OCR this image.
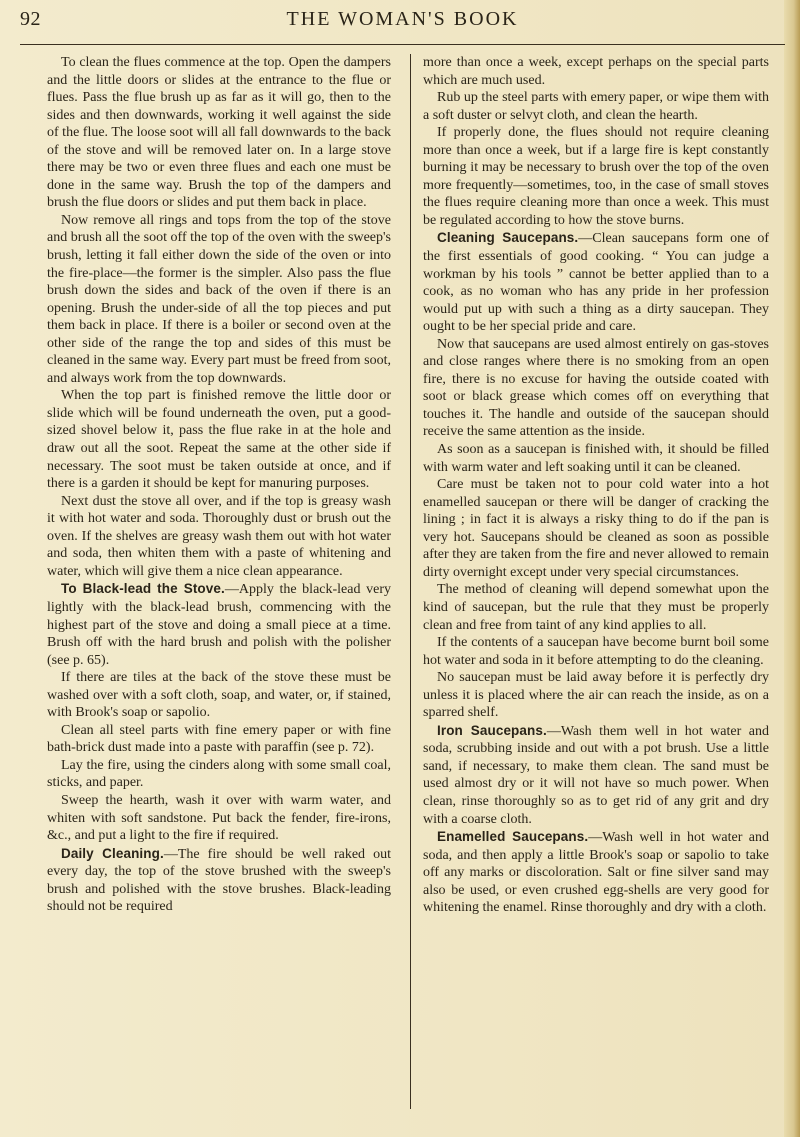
92	THE WOMAN'S BOOK

To clean the flues commence at the top. Open the dampers and the little doors or slides at the entrance to the flue or flues. Pass the flue brush up as far as it will go, then to the sides and then downwards, working it well against the side of the flue. The loose soot will all fall downwards to the back of the stove and will be removed later on. In a large stove there may be two or even three flues and each one must be done in the same way. Brush the top of the dampers and brush the flue doors or slides and put them back in place.

Now remove all rings and tops from the top of the stove and brush all the soot off the top of the oven with the sweep's brush, letting it fall either down the side of the oven or into the fire-place—the former is the simpler. Also pass the flue brush down the sides and back of the oven if there is an opening. Brush the under-side of all the top pieces and put them back in place. If there is a boiler or second oven at the other side of the range the top and sides of this must be cleaned in the same way. Every part must be freed from soot, and always work from the top downwards.

When the top part is finished remove the little door or slide which will be found underneath the oven, put a good-sized shovel below it, pass the flue rake in at the hole and draw out all the soot. Repeat the same at the other side if necessary. The soot must be taken outside at once, and if there is a garden it should be kept for manuring purposes.

Next dust the stove all over, and if the top is greasy wash it with hot water and soda. Thoroughly dust or brush out the oven. If the shelves are greasy wash them out with hot water and soda, then whiten them with a paste of whitening and water, which will give them a nice clean appearance.

To Black-lead the Stove.—Apply the black-lead very lightly with the black-lead brush, commencing with the highest part of the stove and doing a small piece at a time. Brush off with the hard brush and polish with the polisher (see p. 65).

If there are tiles at the back of the stove these must be washed over with a soft cloth, soap, and water, or, if stained, with Brook's soap or sapolio.

Clean all steel parts with fine emery paper or with fine bath-brick dust made into a paste with paraffin (see p. 72).

Lay the fire, using the cinders along with some small coal, sticks, and paper.

Sweep the hearth, wash it over with warm water, and whiten with soft sandstone. Put back the fender, fire-irons, &c., and put a light to the fire if required.

Daily Cleaning.—The fire should be well raked out every day, the top of the stove brushed with the sweep's brush and polished with the stove brushes. Black-leading should not be required

more than once a week, except perhaps on the special parts which are much used.

Rub up the steel parts with emery paper, or wipe them with a soft duster or selvyt cloth, and clean the hearth.

If properly done, the flues should not require cleaning more than once a week, but if a large fire is kept constantly burning it may be necessary to brush over the top of the oven more frequently—sometimes, too, in the case of small stoves the flues require cleaning more than once a week. This must be regulated according to how the stove burns.

Cleaning Saucepans.—Clean saucepans form one of the first essentials of good cooking. “ You can judge a workman by his tools ” cannot be better applied than to a cook, as no woman who has any pride in her profession would put up with such a thing as a dirty saucepan. They ought to be her special pride and care.

Now that saucepans are used almost entirely on gas-stoves and close ranges where there is no smoking from an open fire, there is no excuse for having the outside coated with soot or black grease which comes off on everything that touches it. The handle and outside of the saucepan should receive the same attention as the inside.

As soon as a saucepan is finished with, it should be filled with warm water and left soaking until it can be cleaned.

Care must be taken not to pour cold water into a hot enamelled saucepan or there will be danger of cracking the lining ; in fact it is always a risky thing to do if the pan is very hot. Saucepans should be cleaned as soon as possible after they are taken from the fire and never allowed to remain dirty overnight except under very special circumstances.

The method of cleaning will depend somewhat upon the kind of saucepan, but the rule that they must be properly clean and free from taint of any kind applies to all.

If the contents of a saucepan have become burnt boil some hot water and soda in it before attempting to do the cleaning.

No saucepan must be laid away before it is perfectly dry unless it is placed where the air can reach the inside, as on a sparred shelf.

Iron Saucepans.—Wash them well in hot water and soda, scrubbing inside and out with a pot brush. Use a little sand, if necessary, to make them clean. The sand must be used almost dry or it will not have so much power. When clean, rinse thoroughly so as to get rid of any grit and dry with a coarse cloth.

Enamelled Saucepans.—Wash well in hot water and soda, and then apply a little Brook's soap or sapolio to take off any marks or discoloration. Salt or fine silver sand may also be used, or even crushed egg-shells are very good for whitening the enamel. Rinse thoroughly and dry with a cloth.
